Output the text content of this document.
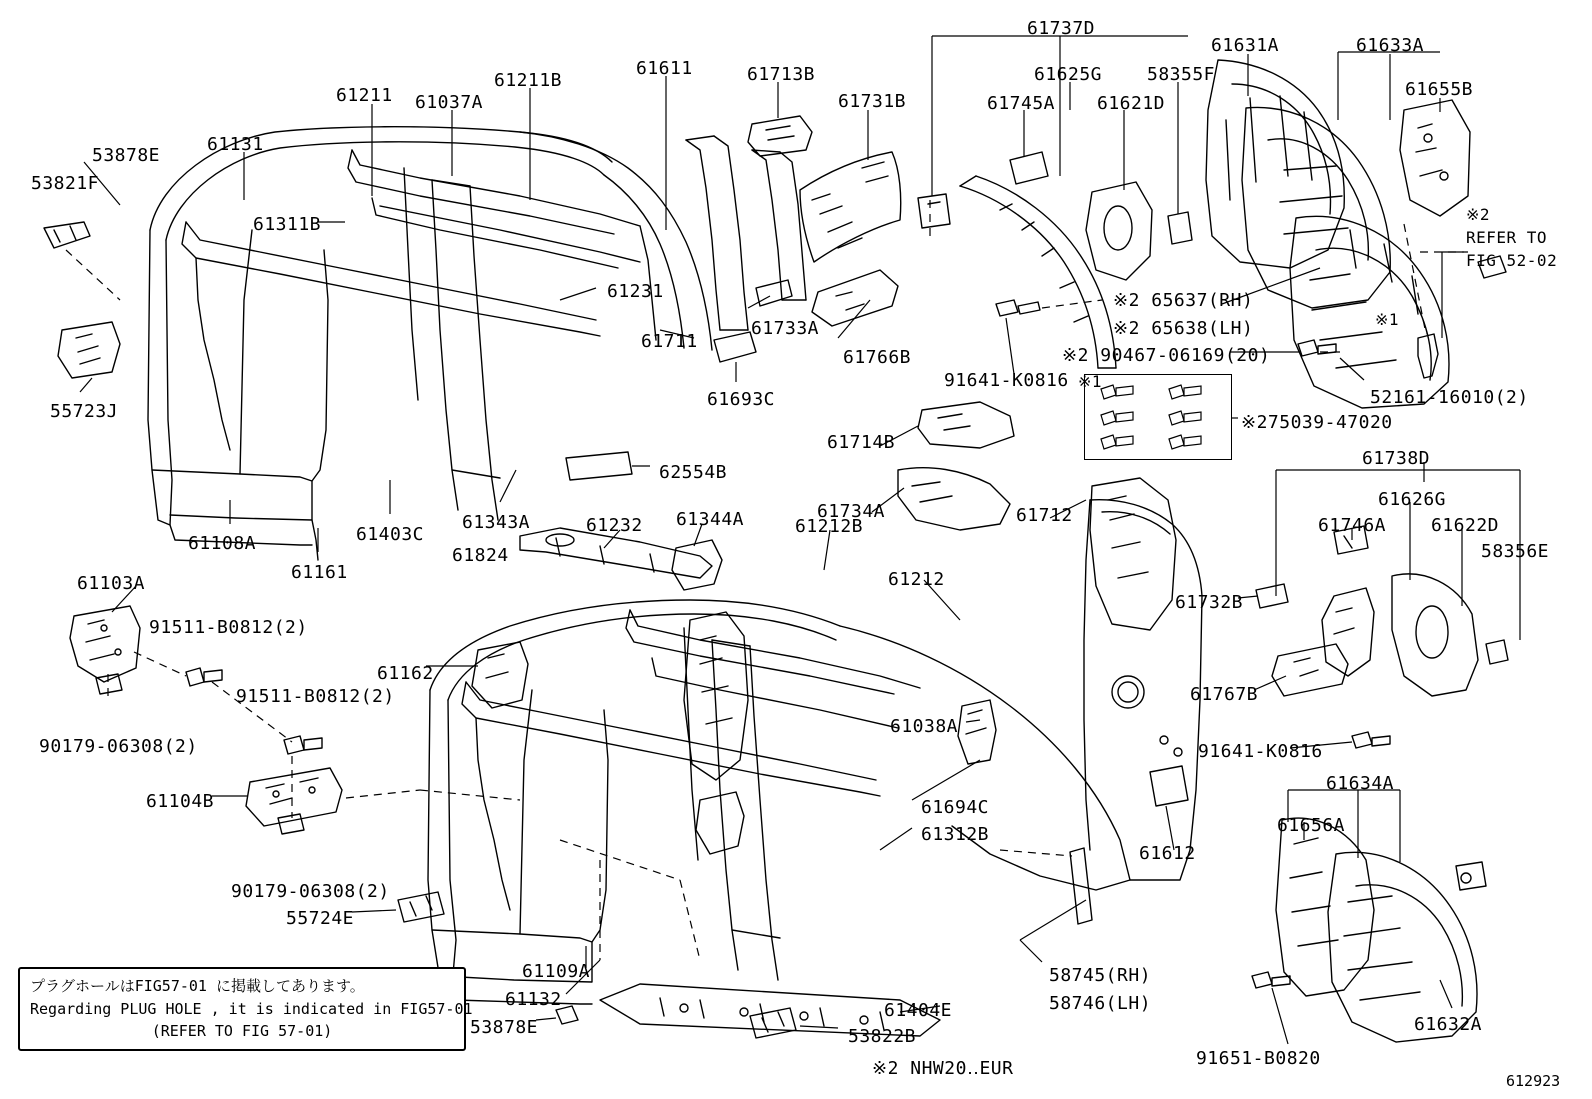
※1
プラグホールはFIG57-01 に掲載してあります。
Regarding PLUG HOLE , it is indicated in FIG57-01
(REFER TO FIG 57-01)
※2
REFER TO
FIG 52-02
※1
※2 NHW20‥EUR
612923
53878E
53821F
61131
61311B
61211 61037A
61211B
61611	61713B
61731B
61737D
61625G 58355F
61631A	61633A
61655B
61745A 61621D
61231
61711
61733A
61766B
61693C
55723J
61108A	61403C
61161
61343A
62554B
61824
61232 61344A	61212B
61212
61714B
61734A	61712
61738D
61626G
61746A 61622D
58356E
61732B
61767B
61103A
91511-B0812(2)
91511-B0812(2)
90179-06308(2)
61162
61104B
90179-06308(2)
55724E
61038A
61694C
61312B
61612
91641-K0816
61634A
61656A
61632A
91651-B0820
58745(RH)
58746(LH)
61109A
61132
53878E	53822B
61404E
※2 65637(RH)
※2 65638(LH)
※2 90467-06169(20)
91641-K0816
※275039-47020
52161-16010(2)
